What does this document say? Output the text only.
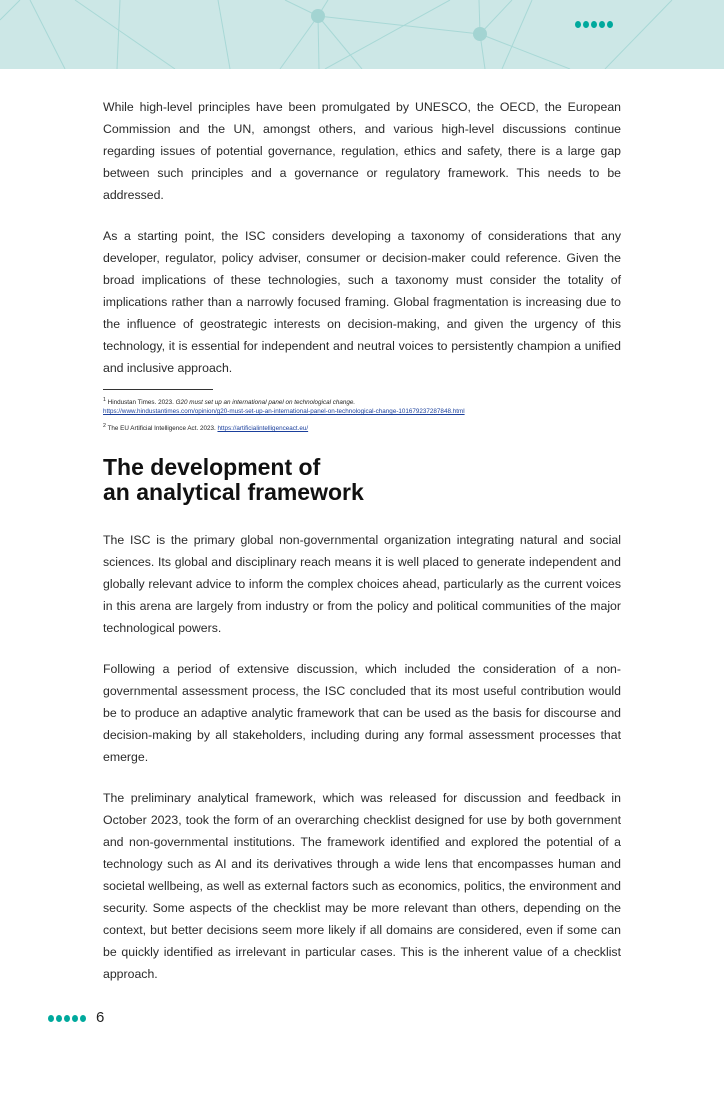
While high-level principles have been promulgated by UNESCO, the OECD, the European Commission and the UN, amongst others, and various high-level discussions continue regarding issues of potential governance, regulation, ethics and safety, there is a large gap between such principles and a governance or regulatory framework. This needs to be addressed.

As a starting point, the ISC considers developing a taxonomy of considerations that any developer, regulator, policy adviser, consumer or decision-maker could reference. Given the broad implications of these technologies, such a taxonomy must consider the totality of implications rather than a narrowly focused framing. Global fragmentation is increasing due to the influence of geostrategic interests on decision-making, and given the urgency of this technology, it is essential for independent and neutral voices to persistently champion a unified and inclusive approach.

$^1$ Hindustan Times. 2023. G20 must set up an international panel on technological change.
https://www.hindustantimes.com/opinion/g20-must-set-up-an-international-panel-on-technological-change-101679237287848.html
$^2$ The EU Artificial Intelligence Act. 2023. https://artificialintelligenceact.eu/
The development of
an analytical framework

The ISC is the primary global non-governmental organization integrating natural and social sciences. Its global and disciplinary reach means it is well placed to generate independent and globally relevant advice to inform the complex choices ahead, particularly as the current voices in this arena are largely from industry or from the policy and political communities of the major technological powers.

Following a period of extensive discussion, which included the consideration of a non-governmental assessment process, the ISC concluded that its most useful contribution would be to produce an adaptive analytic framework that can be used as the basis for discourse and decision-making by all stakeholders, including during any formal assessment processes that emerge.

The preliminary analytical framework, which was released for discussion and feedback in October 2023, took the form of an overarching checklist designed for use by both government and non-governmental institutions. The framework identified and explored the potential of a technology such as AI and its derivatives through a wide lens that encompasses human and societal wellbeing, as well as external factors such as economics, politics, the environment and security. Some aspects of the checklist may be more relevant than others, depending on the context, but better decisions seem more likely if all domains are considered, even if some can be quickly identified as irrelevant in particular cases. This is the inherent value of a checklist approach.

6
